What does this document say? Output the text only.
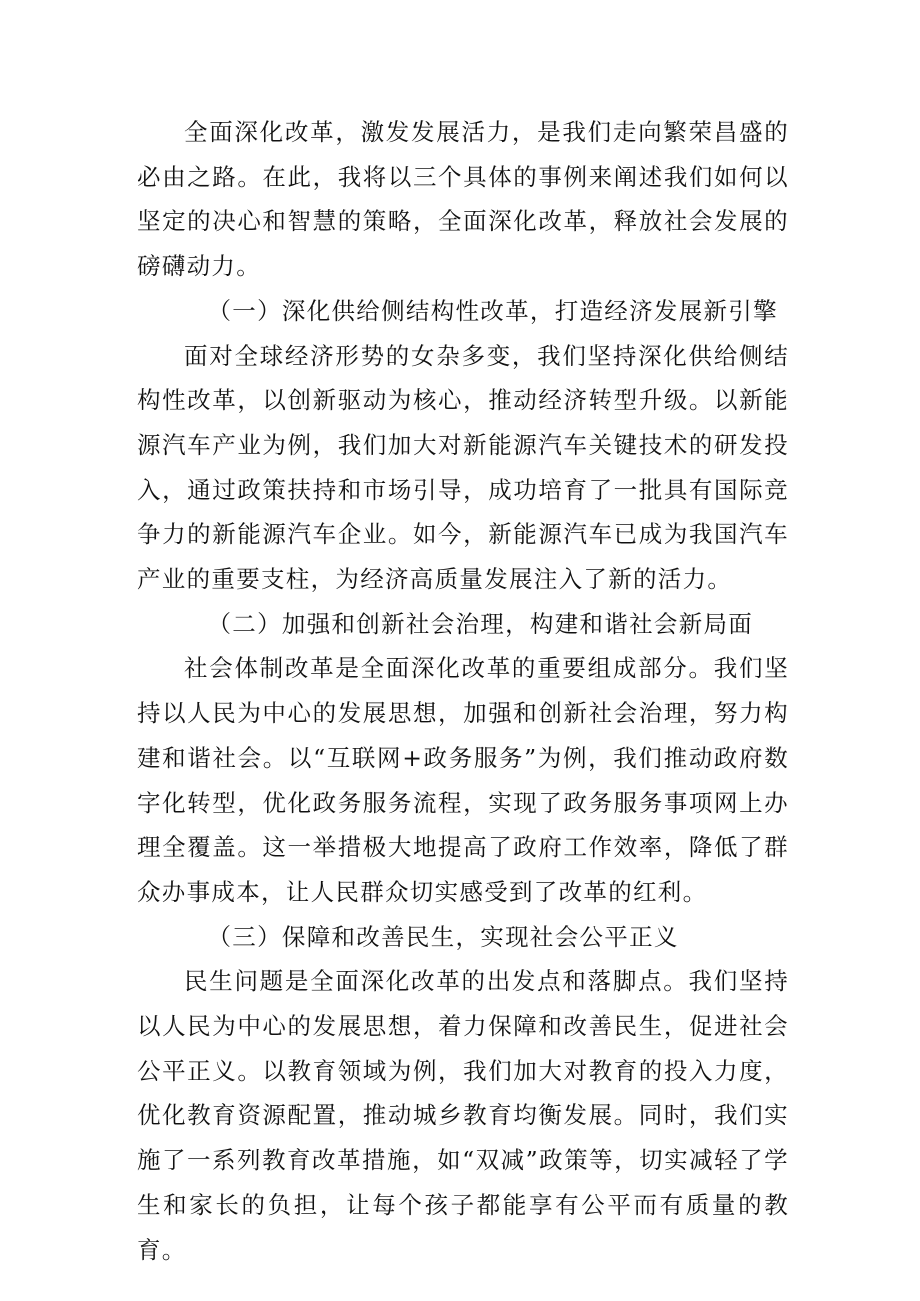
全面深化改革，激发发展活力，是我们走向繁荣昌盛的必由之路。在此，我将以三个具体的事例来阐述我们如何以坚定的决心和智慧的策略，全面深化改革，释放社会发展的磅礴动力。

（一）深化供给侧结构性改革，打造经济发展新引擎

面对全球经济形势的女杂多变，我们坚持深化供给侧结构性改革，以创新驱动为核心，推动经济转型升级。以新能源汽车产业为例，我们加大对新能源汽车关键技术的研发投入，通过政策扶持和市场引导，成功培育了一批具有国际竞争力的新能源汽车企业。如今，新能源汽车已成为我国汽车产业的重要支柱，为经济高质量发展注入了新的活力。

（二）加强和创新社会治理，构建和谐社会新局面

社会体制改革是全面深化改革的重要组成部分。我们坚持以人民为中心的发展思想，加强和创新社会治理，努力构建和谐社会。以“互联网+政务服务”为例，我们推动政府数字化转型，优化政务服务流程，实现了政务服务事项网上办理全覆盖。这一举措极大地提高了政府工作效率，降低了群众办事成本，让人民群众切实感受到了改革的红利。

（三）保障和改善民生，实现社会公平正义

民生问题是全面深化改革的出发点和落脚点。我们坚持以人民为中心的发展思想，着力保障和改善民生，促进社会公平正义。以教育领域为例，我们加大对教育的投入力度，优化教育资源配置，推动城乡教育均衡发展。同时，我们实施了一系列教育改革措施，如“双减”政策等，切实减轻了学生和家长的负担，让每个孩子都能享有公平而有质量的教育。
